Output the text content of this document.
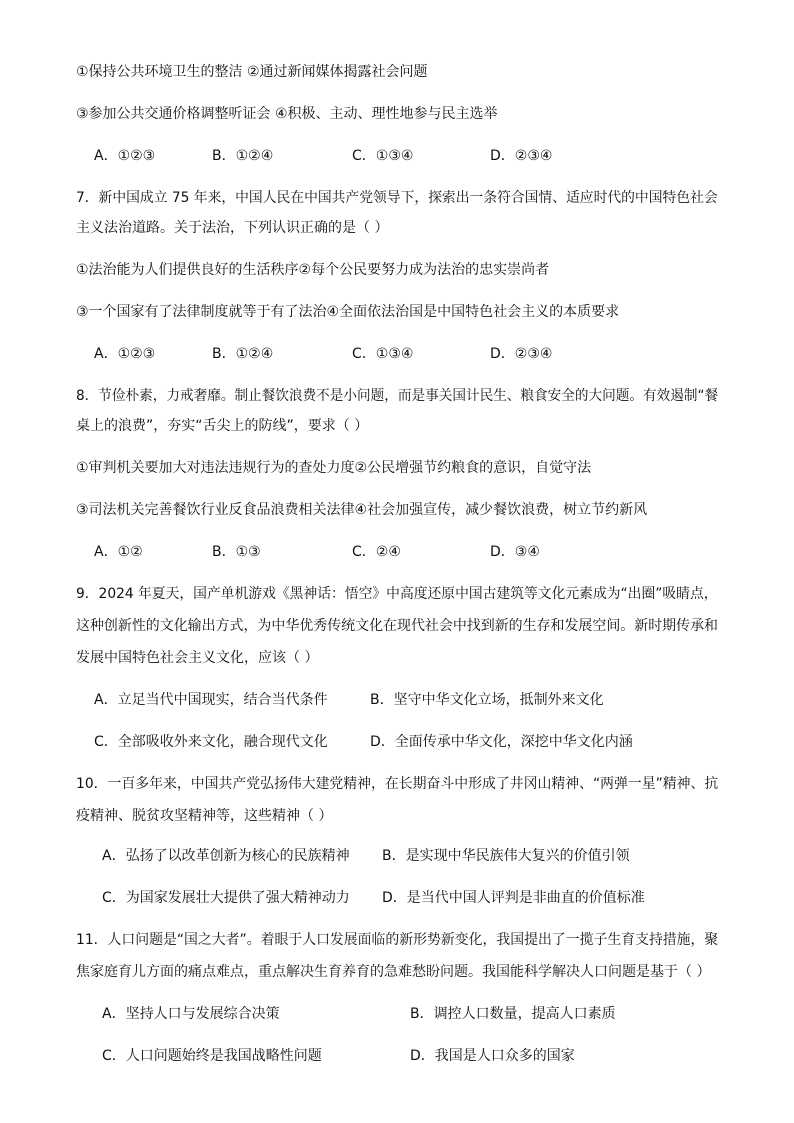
①保持公共环境卫生的整洁 ②通过新闻媒体揭露社会问题
③参加公共交通价格调整听证会 ④积极、主动、理性地参与民主选举
A．①②③	B．①②④	C．①③④	D．②③④
7．新中国成立 75 年来，中国人民在中国共产党领导下，探索出一条符合国情、适应时代的中国特色社会
主义法治道路。关于法治，下列认识正确的是（ ）
①法治能为人们提供良好的生活秩序②每个公民要努力成为法治的忠实崇尚者
③一个国家有了法律制度就等于有了法治④全面依法治国是中国特色社会主义的本质要求
A．①②③	B．①②④	C．①③④	D．②③④
8．节俭朴素，力戒奢靡。制止餐饮浪费不是小问题，而是事关国计民生、粮食安全的大问题。有效遏制“餐
桌上的浪费”，夯实“舌尖上的防线”，要求（ ）
①审判机关要加大对违法违规行为的查处力度②公民增强节约粮食的意识，自觉守法
③司法机关完善餐饮行业反食品浪费相关法律④社会加强宣传，减少餐饮浪费，树立节约新风
A．①②	B．①③	C．②④	D．③④
9．2024 年夏天，国产单机游戏《黑神话：悟空》中高度还原中国古建筑等文化元素成为“出圈”吸睛点，
这种创新性的文化输出方式，为中华优秀传统文化在现代社会中找到新的生存和发展空间。新时期传承和
发展中国特色社会主义文化，应该（ ）
A．立足当代中国现实，结合当代条件	B．坚守中华文化立场，抵制外来文化
C．全部吸收外来文化，融合现代文化	D．全面传承中华文化，深挖中华文化内涵
10．一百多年来，中国共产党弘扬伟大建党精神，在长期奋斗中形成了井冈山精神、“两弹一星”精神、抗
疫精神、脱贫攻坚精神等，这些精神（ ）
A．弘扬了以改革创新为核心的民族精神 B．是实现中华民族伟大复兴的价值引领
C．为国家发展壮大提供了强大精神动力 D．是当代中国人评判是非曲直的价值标准
11．人口问题是“国之大者”。着眼于人口发展面临的新形势新变化，我国提出了一揽子生育支持措施，聚
焦家庭育儿方面的痛点难点，重点解决生育养育的急难愁盼问题。我国能科学解决人口问题是基于（ ）
A．坚持人口与发展综合决策	B．调控人口数量，提高人口素质
C．人口问题始终是我国战略性问题	D．我国是人口众多的国家
